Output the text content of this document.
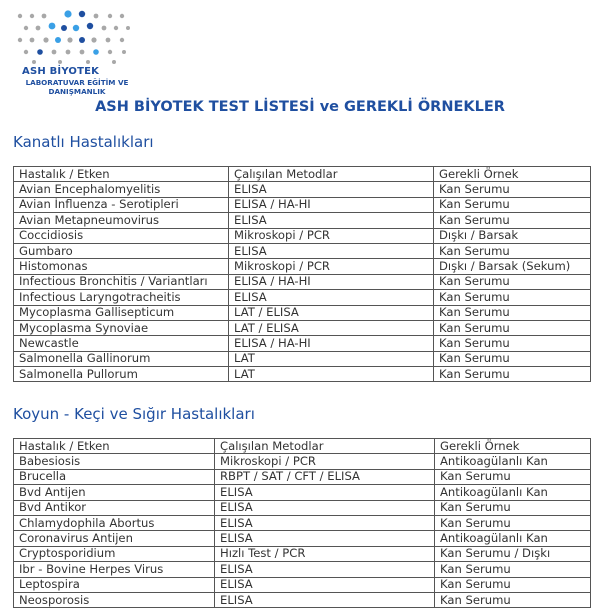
ASH BİYOTEK
LABORATUVAR EĞİTİM VE
DANIŞMANLIK
ASH BİYOTEK TEST LİSTESİ ve GEREKLİ ÖRNEKLER
Kanatlı Hastalıkları
Hastalık / Etken	Çalışılan Metodlar	Gerekli Örnek
Avian Encephalomyelitis	ELISA	Kan Serumu
Avian İnfluenza - Serotipleri	ELISA / HA-HI	Kan Serumu
Avian Metapneumovirus	ELISA	Kan Serumu
Coccidiosis	Mikroskopi / PCR	Dışkı / Barsak
Gumbaro	ELISA	Kan Serumu
Histomonas	Mikroskopi / PCR	Dışkı / Barsak (Sekum)
Infectious Bronchitis / Variantları	ELISA / HA-HI	Kan Serumu
Infectious Laryngotracheitis	ELISA	Kan Serumu
Mycoplasma Gallisepticum	LAT / ELISA	Kan Serumu
Mycoplasma Synoviae	LAT / ELISA	Kan Serumu
Newcastle	ELISA / HA-HI	Kan Serumu
Salmonella Gallinorum	LAT	Kan Serumu
Salmonella Pullorum	LAT	Kan Serumu
Koyun - Keçi ve Sığır Hastalıkları
Hastalık / Etken	Çalışılan Metodlar	Gerekli Örnek
Babesiosis	Mikroskopi / PCR	Antikoagülanlı Kan
Brucella	RBPT / SAT / CFT / ELISA	Kan Serumu
Bvd Antijen	ELISA	Antikoagülanlı Kan
Bvd Antikor	ELISA	Kan Serumu
Chlamydophila Abortus	ELISA	Kan Serumu
Coronavirus Antijen	ELISA	Antikoagülanlı Kan
Cryptosporidium	Hızlı Test / PCR	Kan Serumu / Dışkı
Ibr - Bovine Herpes Virus	ELISA	Kan Serumu
Leptospira	ELISA	Kan Serumu
Neosporosis	ELISA	Kan Serumu
